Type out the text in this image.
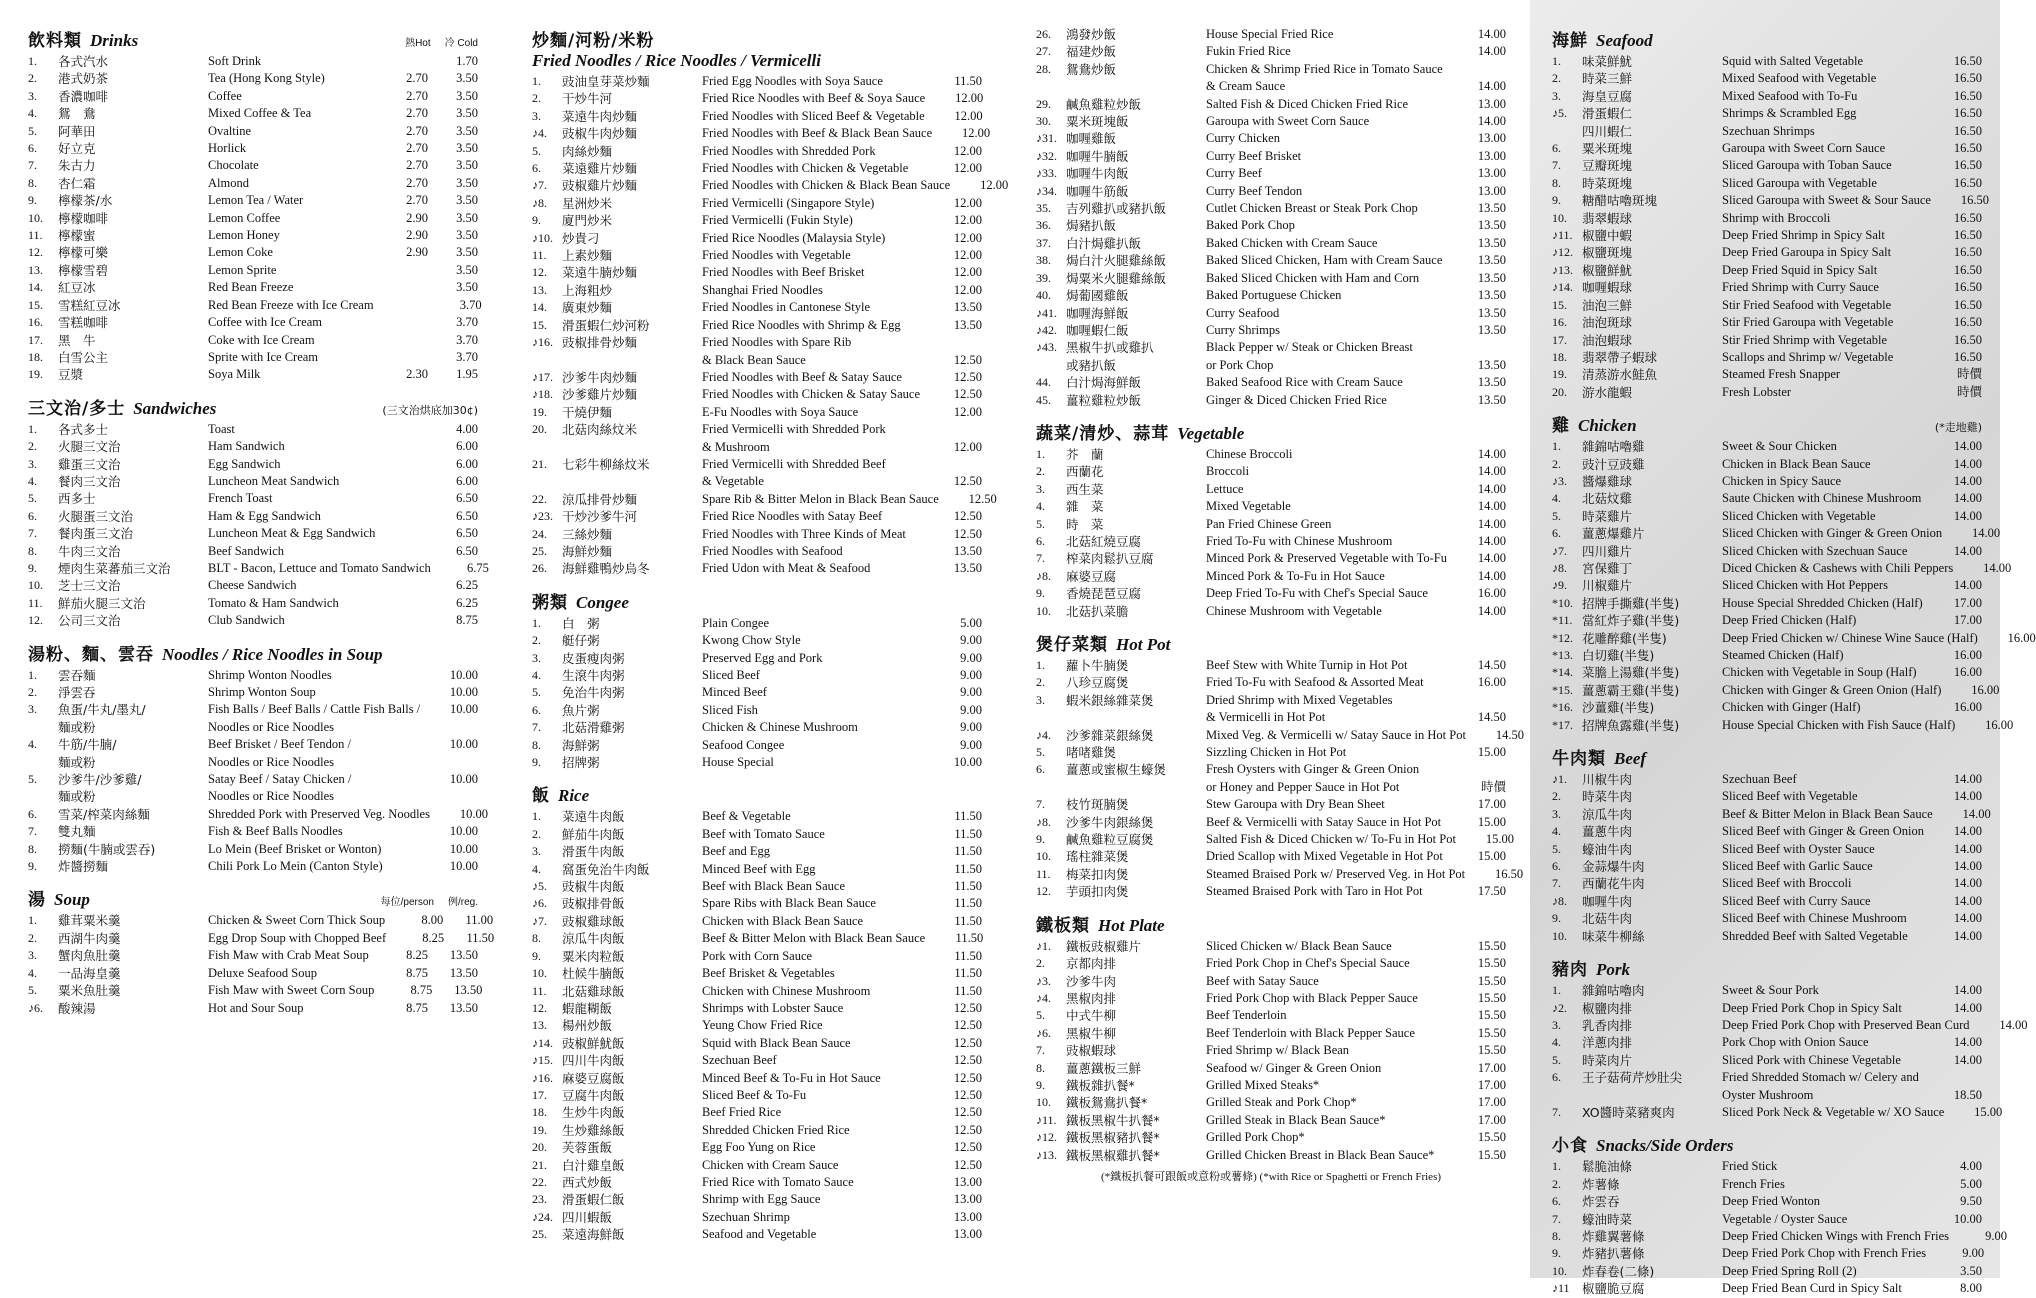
飲料類 Drinks	熱Hot 冷 Cold
1.	各式汽水	Soft Drink	1.70
2.	港式奶茶	Tea (Hong Kong Style)	2.70	3.50
3.	香濃咖啡	Coffee	2.70	3.50
4.	鴛　鴦	Mixed Coffee & Tea	2.70	3.50
5.	阿華田	Ovaltine	2.70	3.50
6.	好立克	Horlick	2.70	3.50
7.	朱古力	Chocolate	2.70	3.50
8.	杏仁霜	Almond	2.70	3.50
9.	檸檬茶/水	Lemon Tea / Water	2.70	3.50
10.	檸檬咖啡	Lemon Coffee	2.90	3.50
11.	檸檬蜜	Lemon Honey	2.90	3.50
12.	檸檬可樂	Lemon Coke	2.90	3.50
13.	檸檬雪碧	Lemon Sprite	3.50
14.	紅豆冰	Red Bean Freeze	3.50
15.	雪糕紅豆冰	Red Bean Freeze with Ice Cream	3.70
16.	雪糕咖啡	Coffee with Ice Cream	3.70
17.	黑　牛	Coke with Ice Cream	3.70
18.	白雪公主	Sprite with Ice Cream	3.70
19.	豆漿	Soya Milk	2.30	1.95
三文治/多士 Sandwiches	(三文治烘底加30¢)
1.	各式多士	Toast	4.00
2.	火腿三文治	Ham Sandwich	6.00
3.	雞蛋三文治	Egg Sandwich	6.00
4.	餐肉三文治	Luncheon Meat Sandwich	6.00
5.	西多士	French Toast	6.50
6.	火腿蛋三文治	Ham & Egg Sandwich	6.50
7.	餐肉蛋三文治	Luncheon Meat & Egg Sandwich	6.50
8.	牛肉三文治	Beef Sandwich	6.50
9.	煙肉生菜蕃茄三文治	BLT - Bacon, Lettuce and Tomato Sandwich	6.75
10.	芝士三文治	Cheese Sandwich	6.25
11.	鮮茄火腿三文治	Tomato & Ham Sandwich	6.25
12.	公司三文治	Club Sandwich	8.75
湯粉、麵、雲吞 Noodles / Rice Noodles in Soup
1.	雲吞麵	Shrimp Wonton Noodles	10.00
2.	淨雲吞	Shrimp Wonton Soup	10.00
3.	魚蛋/牛丸/墨丸/	Fish Balls / Beef Balls / Cattle Fish Balls /	10.00
麵或粉	Noodles or Rice Noodles
4.	牛筋/牛腩/	Beef Brisket / Beef Tendon /	10.00
麵或粉	Noodles or Rice Noodles
5.	沙爹牛/沙爹雞/	Satay Beef / Satay Chicken /	10.00
麵或粉	Noodles or Rice Noodles
6.	雪菜/榨菜肉絲麵	Shredded Pork with Preserved Veg. Noodles	10.00
7.	雙丸麵	Fish & Beef Balls Noodles	10.00
8.	撈麵(牛腩或雲吞)	Lo Mein (Beef Brisket or Wonton)	10.00
9.	炸醬撈麵	Chili Pork Lo Mein (Canton Style)	10.00
湯 Soup	每位/person 例/reg.
1.	雞茸粟米羹	Chicken & Sweet Corn Thick Soup	8.00	11.00
2.	西湖牛肉羹	Egg Drop Soup with Chopped Beef	8.25	11.50
3.	蟹肉魚肚羹	Fish Maw with Crab Meat Soup	8.25	13.50
4.	一品海皇羹	Deluxe Seafood Soup	8.75	13.50
5.	粟米魚肚羹	Fish Maw with Sweet Corn Soup	8.75	13.50
♪6.	酸辣湯	Hot and Sour Soup	8.75	13.50
炒麵/河粉/米粉
Fried Noodles / Rice Noodles / Vermicelli
1.	豉油皇芽菜炒麵	Fried Egg Noodles with Soya Sauce	11.50
2.	干炒牛河	Fried Rice Noodles with Beef & Soya Sauce	12.00
3.	菜遠牛肉炒麵	Fried Noodles with Sliced Beef & Vegetable	12.00
♪4.	豉椒牛肉炒麵	Fried Noodles with Beef & Black Bean Sauce	12.00
5.	肉絲炒麵	Fried Noodles with Shredded Pork	12.00
6.	菜遠雞片炒麵	Fried Noodles with Chicken & Vegetable	12.00
♪7.	豉椒雞片炒麵	Fried Noodles with Chicken & Black Bean Sauce	12.00
♪8.	星洲炒米	Fried Vermicelli (Singapore Style)	12.00
9.	廈門炒米	Fried Vermicelli (Fukin Style)	12.00
♪10. 炒貴刁	Fried Rice Noodles (Malaysia Style)	12.00
11.	上素炒麵	Fried Noodles with Vegetable	12.00
12.	菜遠牛腩炒麵	Fried Noodles with Beef Brisket	12.00
13.	上海粗炒	Shanghai Fried Noodles	12.00
14.	廣東炒麵	Fried Noodles in Cantonese Style	13.50
15.	滑蛋蝦仁炒河粉	Fried Rice Noodles with Shrimp & Egg	13.50
♪16. 豉椒排骨炒麵	Fried Noodles with Spare Rib
& Black Bean Sauce	12.50
♪17. 沙爹牛肉炒麵	Fried Noodles with Beef & Satay Sauce	12.50
♪18. 沙爹雞片炒麵	Fried Noodles with Chicken & Satay Sauce	12.50
19.	干燒伊麵	E-Fu Noodles with Soya Sauce	12.00
20.	北菇肉絲炆米	Fried Vermicelli with Shredded Pork
& Mushroom	12.00
21.	七彩牛柳絲炆米	Fried Vermicelli with Shredded Beef
& Vegetable	12.50
22.	涼瓜排骨炒麵	Spare Rib & Bitter Melon in Black Bean Sauce	12.50
♪23. 干炒沙爹牛河	Fried Rice Noodles with Satay Beef	12.50
24.	三絲炒麵	Fried Noodles with Three Kinds of Meat	12.50
25.	海鮮炒麵	Fried Noodles with Seafood	13.50
26.	海鮮雞鴨炒烏冬	Fried Udon with Meat & Seafood	13.50
粥類 Congee
1.	白　粥	Plain Congee	5.00
2.	艇仔粥	Kwong Chow Style	9.00
3.	皮蛋瘦肉粥	Preserved Egg and Pork	9.00
4.	生滾牛肉粥	Sliced Beef	9.00
5.	免治牛肉粥	Minced Beef	9.00
6.	魚片粥	Sliced Fish	9.00
7.	北菇滑雞粥	Chicken & Chinese Mushroom	9.00
8.	海鮮粥	Seafood Congee	9.00
9.	招牌粥	House Special	10.00
飯 Rice
1.	菜遠牛肉飯	Beef & Vegetable	11.50
2.	鮮茄牛肉飯	Beef with Tomato Sauce	11.50
3.	滑蛋牛肉飯	Beef and Egg	11.50
4.	窩蛋免治牛肉飯	Minced Beef with Egg	11.50
♪5.	豉椒牛肉飯	Beef with Black Bean Sauce	11.50
♪6.	豉椒排骨飯	Spare Ribs with Black Bean Sauce	11.50
♪7.	豉椒雞球飯	Chicken with Black Bean Sauce	11.50
8.	涼瓜牛肉飯	Beef & Bitter Melon with Black Bean Sauce	11.50
9.	粟米肉粒飯	Pork with Corn Sauce	11.50
10.	杜候牛腩飯	Beef Brisket & Vegetables	11.50
11.	北菇雞球飯	Chicken with Chinese Mushroom	11.50
12.	蝦龍糊飯	Shrimps with Lobster Sauce	12.50
13.	楊州炒飯	Yeung Chow Fried Rice	12.50
♪14. 豉椒鮮魷飯	Squid with Black Bean Sauce	12.50
♪15. 四川牛肉飯	Szechuan Beef	12.50
♪16. 麻婆豆腐飯	Minced Beef & To-Fu in Hot Sauce	12.50
17.	豆腐牛肉飯	Sliced Beef & To-Fu	12.50
18.	生炒牛肉飯	Beef Fried Rice	12.50
19.	生炒雞絲飯	Shredded Chicken Fried Rice	12.50
20.	芙蓉蛋飯	Egg Foo Yung on Rice	12.50
21.	白汁雞皇飯	Chicken with Cream Sauce	12.50
22.	西式炒飯	Fried Rice with Tomato Sauce	13.00
23.	滑蛋蝦仁飯	Shrimp with Egg Sauce	13.00
♪24. 四川蝦飯	Szechuan Shrimp	13.00
25.	菜遠海鮮飯	Seafood and Vegetable	13.00
26.	鴻發炒飯	House Special Fried Rice	14.00
27.	福建炒飯	Fukin Fried Rice	14.00
28.	鴛鴦炒飯	Chicken & Shrimp Fried Rice in Tomato Sauce
& Cream Sauce	14.00
29.	鹹魚雞粒炒飯	Salted Fish & Diced Chicken Fried Rice	13.00
30.	粟米斑塊飯	Garoupa with Sweet Corn Sauce	14.00
♪31. 咖喱雞飯	Curry Chicken	13.00
♪32. 咖喱牛腩飯	Curry Beef Brisket	13.00
♪33. 咖喱牛肉飯	Curry Beef	13.00
♪34. 咖喱牛筋飯	Curry Beef Tendon	13.00
35.	吉列雞扒或豬扒飯	Cutlet Chicken Breast or Steak Pork Chop	13.50
36.	焗豬扒飯	Baked Pork Chop	13.50
37.	白汁焗雞扒飯	Baked Chicken with Cream Sauce	13.50
38.	焗白汁火腿雞絲飯	Baked Sliced Chicken, Ham with Cream Sauce	13.50
39.	焗粟米火腿雞絲飯	Baked Sliced Chicken with Ham and Corn	13.50
40.	焗葡國雞飯	Baked Portuguese Chicken	13.50
♪41. 咖喱海鮮飯	Curry Seafood	13.50
♪42. 咖喱蝦仁飯	Curry Shrimps	13.50
♪43. 黑椒牛扒或雞扒	Black Pepper w/ Steak or Chicken Breast
或豬扒飯	or Pork Chop	13.50
44.	白汁焗海鮮飯	Baked Seafood Rice with Cream Sauce	13.50
45.	薑粒雞粒炒飯	Ginger & Diced Chicken Fried Rice	13.50
蔬菜/清炒、蒜茸 Vegetable
1.	芥　蘭	Chinese Broccoli	14.00
2.	西蘭花	Broccoli	14.00
3.	西生菜	Lettuce	14.00
4.	雜　菜	Mixed Vegetable	14.00
5.	時　菜	Pan Fried Chinese Green	14.00
6.	北菇紅燒豆腐	Fried To-Fu with Chinese Mushroom	14.00
7.	榨菜肉鬆扒豆腐	Minced Pork & Preserved Vegetable with To-Fu	14.00
♪8.	麻婆豆腐	Minced Pork & To-Fu in Hot Sauce	14.00
9.	香燒琵琶豆腐	Deep Fried To-Fu with Chef's Special Sauce	16.00
10.	北菇扒菜膽	Chinese Mushroom with Vegetable	14.00
煲仔菜類 Hot Pot
1.	蘿卜牛腩煲	Beef Stew with White Turnip in Hot Pot	14.50
2.	八珍豆腐煲	Fried To-Fu with Seafood & Assorted Meat	16.00
3.	蝦米銀絲雜菜煲	Dried Shrimp with Mixed Vegetables
& Vermicelli in Hot Pot	14.50
♪4.	沙爹雜菜銀絲煲	Mixed Veg. & Vermicelli w/ Satay Sauce in Hot Pot	14.50
5.	啫啫雞煲	Sizzling Chicken in Hot Pot	15.00
6.	薑蔥或蜜椒生蠔煲	Fresh Oysters with Ginger & Green Onion
or Honey and Pepper Sauce in Hot Pot	時價
7.	枝竹斑腩煲	Stew Garoupa with Dry Bean Sheet	17.00
♪8.	沙爹牛肉銀絲煲	Beef & Vermicelli with Satay Sauce in Hot Pot	15.00
9.	鹹魚雞粒豆腐煲	Salted Fish & Diced Chicken w/ To-Fu in Hot Pot	15.00
10.	瑤柱雜菜煲	Dried Scallop with Mixed Vegetable in Hot Pot	15.00
11.	梅菜扣肉煲	Steamed Braised Pork w/ Preserved Veg. in Hot Pot	16.50
12.	芋頭扣肉煲	Steamed Braised Pork with Taro in Hot Pot	17.50
鐵板類 Hot Plate
♪1.	鐵板豉椒雞片	Sliced Chicken w/ Black Bean Sauce	15.50
2.	京都肉排	Fried Pork Chop in Chef's Special Sauce	15.50
♪3.	沙爹牛肉	Beef with Satay Sauce	15.50
♪4.	黑椒肉排	Fried Pork Chop with Black Pepper Sauce	15.50
5.	中式牛柳	Beef Tenderloin	15.50
♪6.	黑椒牛柳	Beef Tenderloin with Black Pepper Sauce	15.50
7.	豉椒蝦球	Fried Shrimp w/ Black Bean	15.50
8.	薑蔥鐵板三鮮	Seafood w/ Ginger & Green Onion	17.00
9.	鐵板雜扒餐*	Grilled Mixed Steaks*	17.00
10.	鐵板鴛鴦扒餐*	Grilled Steak and Pork Chop*	17.00
♪11. 鐵板黑椒牛扒餐*	Grilled Steak in Black Bean Sauce*	17.00
♪12. 鐵板黑椒豬扒餐*	Grilled Pork Chop*	15.50
♪13. 鐵板黑椒雞扒餐*	Grilled Chicken Breast in Black Bean Sauce*	15.50
(*鐵板扒餐可跟飯或意粉或薯條) (*with Rice or Spaghetti or French Fries)
海鮮 Seafood
1.	味菜鮮魷	Squid with Salted Vegetable	16.50
2.	時菜三鮮	Mixed Seafood with Vegetable	16.50
3.	海皇豆腐	Mixed Seafood with To-Fu	16.50
♪5.	滑蛋蝦仁	Shrimps & Scrambled Egg	16.50
四川蝦仁	Szechuan Shrimps	16.50
6.	粟米斑塊	Garoupa with Sweet Corn Sauce	16.50
7.	豆瓣斑塊	Sliced Garoupa with Toban Sauce	16.50
8.	時菜斑塊	Sliced Garoupa with Vegetable	16.50
9.	糖醋咕嚕斑塊	Sliced Garoupa with Sweet & Sour Sauce	16.50
10.	翡翠蝦球	Shrimp with Broccoli	16.50
♪11. 椒鹽中蝦	Deep Fried Shrimp in Spicy Salt	16.50
♪12. 椒鹽斑塊	Deep Fried Garoupa in Spicy Salt	16.50
♪13. 椒鹽鮮魷	Deep Fried Squid in Spicy Salt	16.50
♪14. 咖喱蝦球	Fried Shrimp with Curry Sauce	16.50
15.	油泡三鮮	Stir Fried Seafood with Vegetable	16.50
16.	油泡斑球	Stir Fried Garoupa with Vegetable	16.50
17.	油泡蝦球	Stir Fried Shrimp with Vegetable	16.50
18.	翡翠帶子蝦球	Scallops and Shrimp w/ Vegetable	16.50
19.	清蒸游水鮭魚	Steamed Fresh Snapper	時價
20.	游水龍蝦	Fresh Lobster	時價
雞 Chicken	(*走地雞)
1.	雜錦咕嚕雞	Sweet & Sour Chicken	14.00
2.	豉汁豆豉雞	Chicken in Black Bean Sauce	14.00
♪3.	醬爆雞球	Chicken in Spicy Sauce	14.00
4.	北菇炆雞	Saute Chicken with Chinese Mushroom	14.00
5.	時菜雞片	Sliced Chicken with Vegetable	14.00
6.	薑蔥爆雞片	Sliced Chicken with Ginger & Green Onion	14.00
♪7.	四川雞片	Sliced Chicken with Szechuan Sauce	14.00
♪8.	宮保雞丁	Diced Chicken & Cashews with Chili Peppers	14.00
♪9.	川椒雞片	Sliced Chicken with Hot Peppers	14.00
*10. 招牌手撕雞(半隻)	House Special Shredded Chicken (Half)	17.00
*11. 當紅炸子雞(半隻)	Deep Fried Chicken (Half)	17.00
*12. 花雕醉雞(半隻)	Deep Fried Chicken w/ Chinese Wine Sauce (Half)	16.00
*13. 白切雞(半隻)	Steamed Chicken (Half)	16.00
*14. 菜膽上湯雞(半隻)	Chicken with Vegetable in Soup (Half)	16.00
*15. 薑蔥霸王雞(半隻)	Chicken with Ginger & Green Onion (Half)	16.00
*16. 沙薑雞(半隻)	Chicken with Ginger (Half)	16.00
*17. 招牌魚露雞(半隻)	House Special Chicken with Fish Sauce (Half)	16.00
牛肉類 Beef
♪1.	川椒牛肉	Szechuan Beef	14.00
2.	時菜牛肉	Sliced Beef with Vegetable	14.00
3.	涼瓜牛肉	Beef & Bitter Melon in Black Bean Sauce	14.00
4.	薑蔥牛肉	Sliced Beef with Ginger & Green Onion	14.00
5.	蠔油牛肉	Sliced Beef with Oyster Sauce	14.00
6.	金蒜爆牛肉	Sliced Beef with Garlic Sauce	14.00
7.	西蘭花牛肉	Sliced Beef with Broccoli	14.00
♪8.	咖喱牛肉	Sliced Beef with Curry Sauce	14.00
9.	北菇牛肉	Sliced Beef with Chinese Mushroom	14.00
10.	味菜牛柳絲	Shredded Beef with Salted Vegetable	14.00
豬肉 Pork
1.	雜錦咕嚕肉	Sweet & Sour Pork	14.00
♪2.	椒鹽肉排	Deep Fried Pork Chop in Spicy Salt	14.00
3.	乳香肉排	Deep Fried Pork Chop with Preserved Bean Curd	14.00
4.	洋蔥肉排	Pork Chop with Onion Sauce	14.00
5.	時菜肉片	Sliced Pork with Chinese Vegetable	14.00
6.	王子菇荷芹炒肚尖	Fried Shredded Stomach w/ Celery and
Oyster Mushroom	18.50
7.	XO醬時菜豬爽肉	Sliced Pork Neck & Vegetable w/ XO Sauce	15.00
小食 Snacks/Side Orders
1.	鬆脆油條	Fried Stick	4.00
2.	炸薯條	French Fries	5.00
6.	炸雲吞	Deep Fried Wonton	9.50
7.	蠔油時菜	Vegetable / Oyster Sauce	10.00
8.	炸雞翼薯條	Deep Fried Chicken Wings with French Fries	9.00
9.	炸豬扒薯條	Deep Fried Pork Chop with French Fries	9.00
10.	炸春卷(二條)	Deep Fried Spring Roll (2)	3.50
♪11 椒鹽脆豆腐	Deep Fried Bean Curd in Spicy Salt	8.00
